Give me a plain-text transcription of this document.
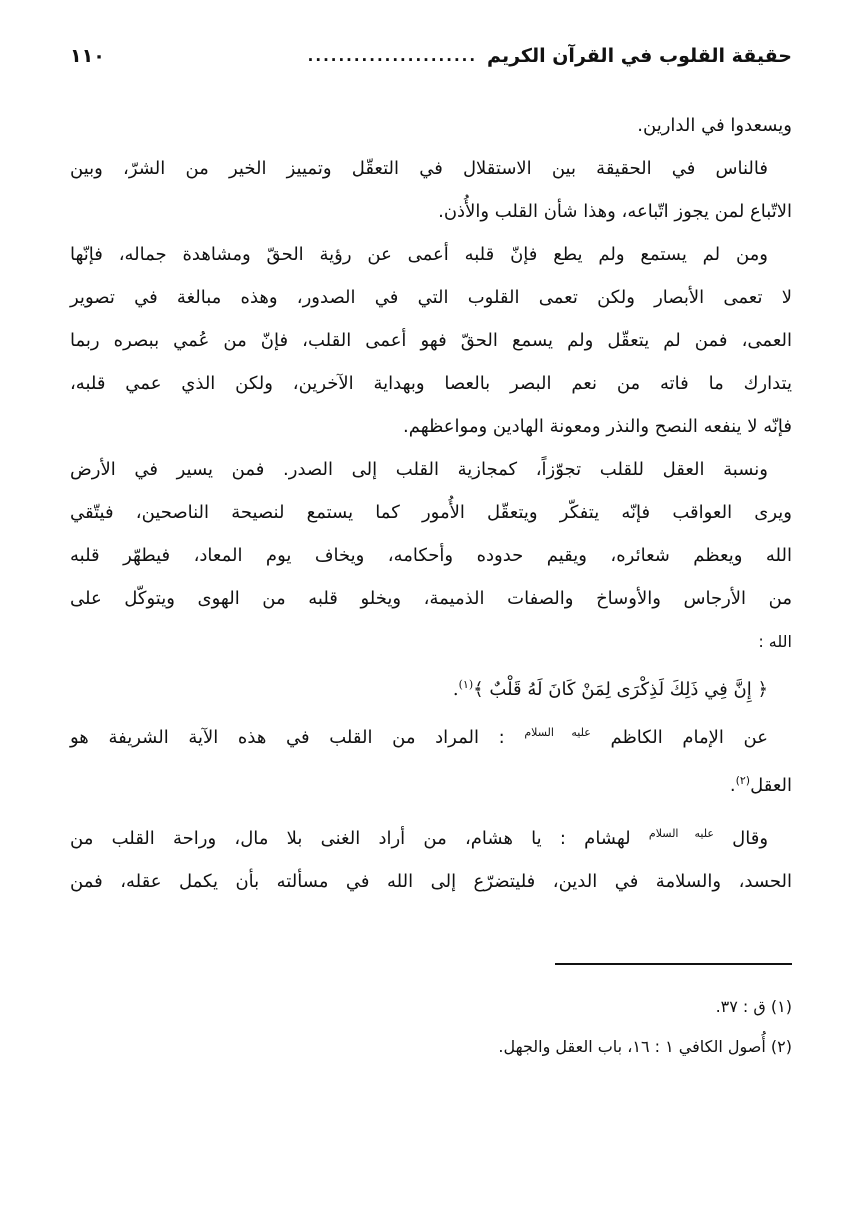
حقيقة القلوب في القرآن الكريم
......................
١١٠
ويسعدوا في الدارين.
فالناس في الحقيقة بين الاستقلال في التعقّل وتمييز الخير من الشرّ، وبين
الاتّباع لمن يجوز اتّباعه، وهذا شأن القلب والأُذن.
ومن لم يستمع ولم يطع فإنّ قلبه أعمى عن رؤية الحقّ ومشاهدة جماله، فإنّها
لا تعمى الأبصار ولكن تعمى القلوب التي في الصدور، وهذه مبالغة في تصوير
العمى، فمن لم يتعقّل ولم يسمع الحقّ فهو أعمى القلب، فإنّ من عُمي ببصره ربما
يتدارك ما فاته من نعم البصر بالعصا وبهداية الآخرين، ولكن الذي عمي قلبه،
فإنّه لا ينفعه النصح والنذر ومعونة الهادين ومواعظهم.
ونسبة العقل للقلب تجوّزاً، كمجازية القلب إلى الصدر. فمن يسير في الأرض
ويرى العواقب فإنّه يتفكّر ويتعقّل الأُمور كما يستمع لنصيحة الناصحين، فيتّقي
الله ويعظم شعائره، ويقيم حدوده وأحكامه، ويخاف يوم المعاد، فيطهّر قلبه
من الأرجاس والأوساخ والصفات الذميمة، ويخلو قلبه من الهوى ويتوكّل على
الله :
﴿ إِنَّ فِي ذَلِكَ لَذِكْرَى لِمَنْ كَانَ لَهُ قَلْبٌ ﴾$^{(١)}$.
عن الإمام الكاظم $^{عليه السلام}$ : المراد من القلب في هذه الآية الشريفة هو
العقل$^{(٢)}$.
وقال $^{عليه السلام}$ لهشام : يا هشام، من أراد الغنى بلا مال، وراحة القلب من
الحسد، والسلامة في الدين، فليتضرّع إلى الله في مسألته بأن يكمل عقله، فمن
(١) ق : ٣٧.
(٢) أُصول الكافي ١ : ١٦، باب العقل والجهل.
